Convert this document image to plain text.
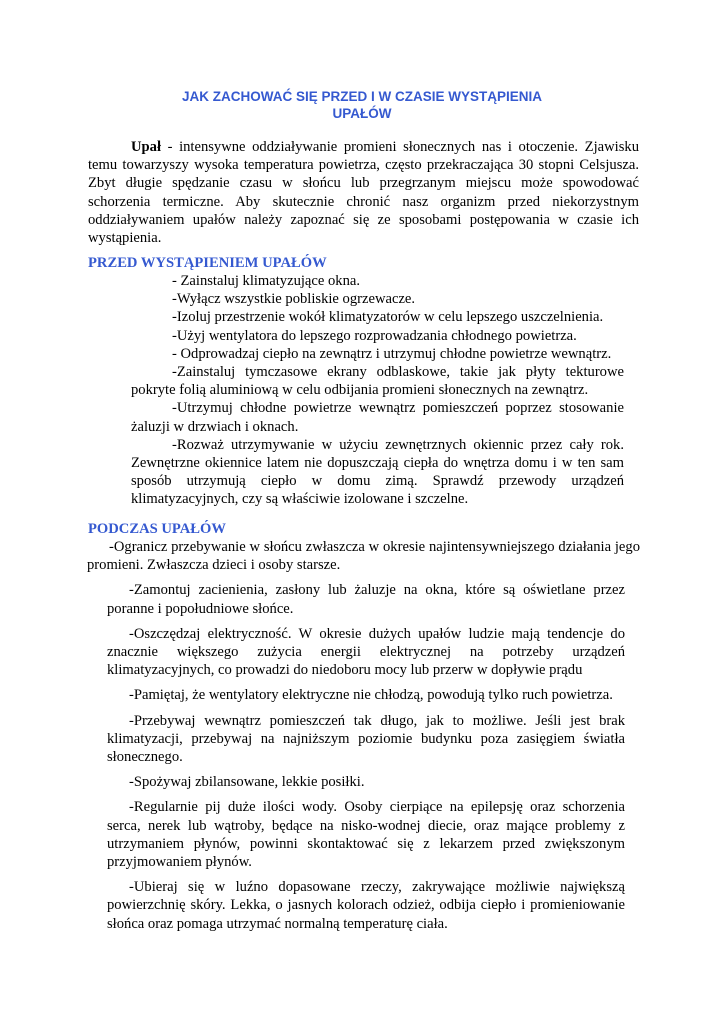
JAK ZACHOWAĆ SIĘ PRZED I W CZASIE WYSTĄPIENIA
UPAŁÓW

Upał - intensywne oddziaływanie promieni słonecznych nas i otoczenie. Zjawisku temu towarzyszy wysoka temperatura powietrza, często przekraczająca 30 stopni Celsjusza. Zbyt długie spędzanie czasu w słońcu lub przegrzanym miejscu może spowodować schorzenia termiczne. Aby skutecznie chronić nasz organizm przed niekorzystnym oddziaływaniem upałów należy zapoznać się ze sposobami postępowania w czasie ich wystąpienia.

PRZED WYSTĄPIENIEM UPAŁÓW
- Zainstaluj klimatyzujące okna.
-Wyłącz wszystkie pobliskie ogrzewacze.
-Izoluj przestrzenie wokół klimatyzatorów w celu lepszego uszczelnienia.
-Użyj wentylatora do lepszego rozprowadzania chłodnego powietrza.
- Odprowadzaj ciepło na zewnątrz i utrzymuj chłodne powietrze wewnątrz.
-Zainstaluj tymczasowe ekrany odblaskowe, takie jak płyty tekturowe pokryte folią aluminiową w celu odbijania promieni słonecznych na zewnątrz.
-Utrzymuj chłodne powietrze wewnątrz pomieszczeń poprzez stosowanie żaluzji w drzwiach i oknach.
-Rozważ utrzymywanie w użyciu zewnętrznych okiennic przez cały rok. Zewnętrzne okiennice latem nie dopuszczają ciepła do wnętrza domu i w ten sam sposób utrzymują ciepło w domu zimą. Sprawdź przewody urządzeń klimatyzacyjnych, czy są właściwie izolowane i szczelne.
PODCZAS UPAŁÓW
-Ogranicz przebywanie w słońcu zwłaszcza w okresie najintensywniejszego działania jego promieni. Zwłaszcza dzieci i osoby starsze.
-Zamontuj zacienienia, zasłony lub żaluzje na okna, które są oświetlane przez poranne i popołudniowe słońce.
-Oszczędzaj elektryczność. W okresie dużych upałów ludzie mają tendencje do znacznie większego zużycia energii elektrycznej na potrzeby urządzeń klimatyzacyjnych, co prowadzi do niedoboru mocy lub przerw w dopływie prądu
-Pamiętaj, że wentylatory elektryczne nie chłodzą, powodują tylko ruch powietrza.
-Przebywaj wewnątrz pomieszczeń tak długo, jak to możliwe. Jeśli jest brak klimatyzacji, przebywaj na najniższym poziomie budynku poza zasięgiem światła słonecznego.
-Spożywaj zbilansowane, lekkie posiłki.
-Regularnie pij duże ilości wody. Osoby cierpiące na epilepsję oraz schorzenia serca, nerek lub wątroby, będące na nisko-wodnej diecie, oraz mające problemy z utrzymaniem płynów, powinni skontaktować się z lekarzem przed zwiększonym przyjmowaniem płynów.
-Ubieraj się w luźno dopasowane rzeczy, zakrywające możliwie największą powierzchnię skóry. Lekka, o jasnych kolorach odzież, odbija ciepło i promieniowanie słońca oraz pomaga utrzymać normalną temperaturę ciała.
